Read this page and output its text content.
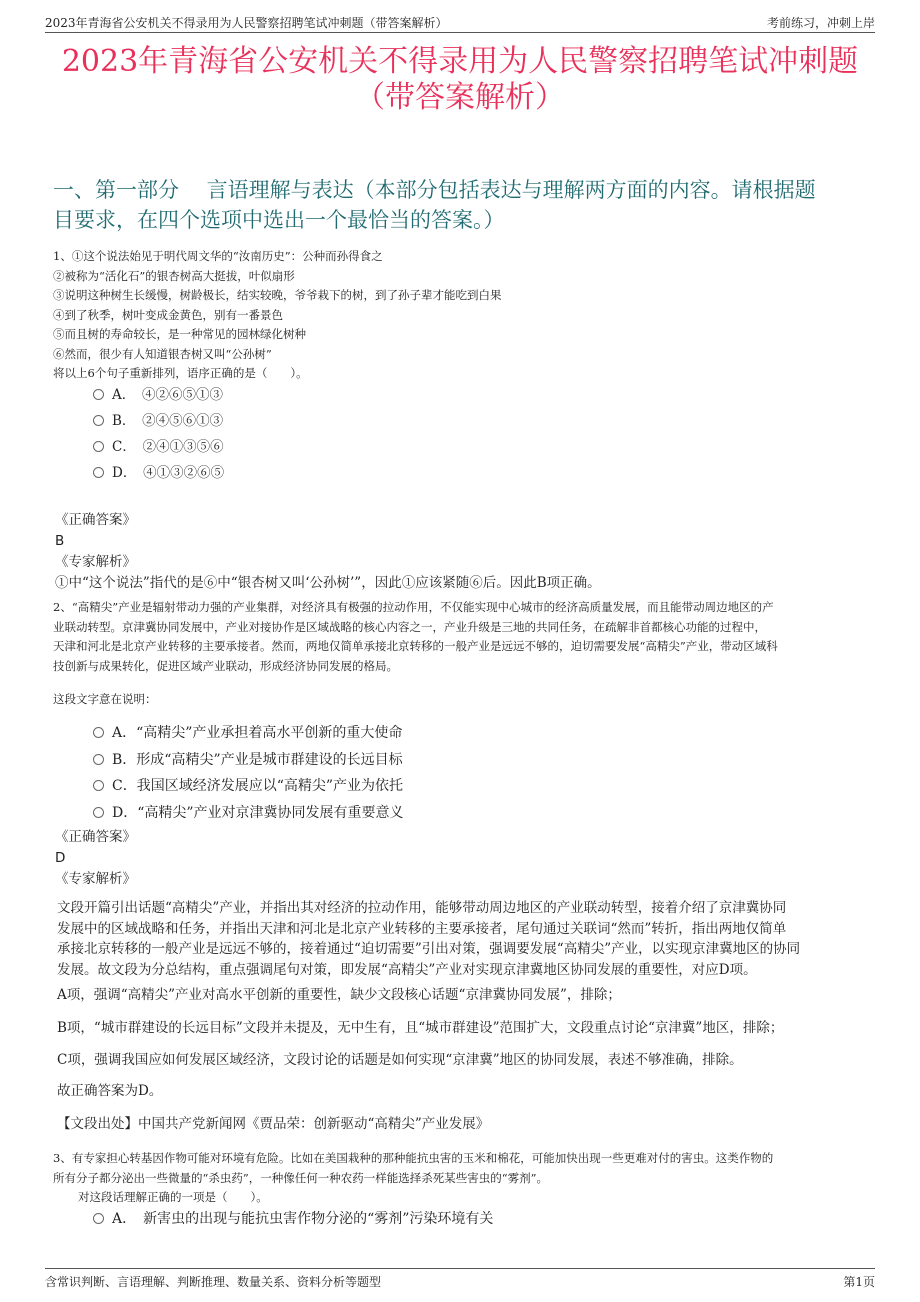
2023年青海省公安机关不得录用为人民警察招聘笔试冲刺题（带答案解析）	考前练习，冲刺上岸
2023年青海省公安机关不得录用为人民警察招聘笔试冲刺题
（带答案解析）
一、第一部分　 言语理解与表达（本部分包括表达与理解两方面的内容。请根据题
目要求，在四个选项中选出一个最恰当的答案。）
1、①这个说法始见于明代周文华的“汝南历史”：公种而孙得食之
②被称为“活化石”的银杏树高大挺拔，叶似扇形
③说明这种树生长缓慢，树龄极长，结实较晚，爷爷栽下的树，到了孙子辈才能吃到白果
④到了秋季，树叶变成金黄色，别有一番景色
⑤而且树的寿命较长，是一种常见的园林绿化树种
⑥然而，很少有人知道银杏树又叫“公孙树”
将以上6个句子重新排列，语序正确的是（　　）。
A．　④②⑥⑤①③
B．　②④⑤⑥①③
C．　②④①③⑤⑥
D．　④①③②⑥⑤
《正确答案》
B
《专家解析》
①中“这个说法”指代的是⑥中“银杏树又叫‘公孙树’”，因此①应该紧随⑥后。因此B项正确。
2、“高精尖”产业是辐射带动力强的产业集群，对经济具有极强的拉动作用，不仅能实现中心城市的经济高质量发展，而且能带动周边地区的产
业联动转型。京津冀协同发展中，产业对接协作是区域战略的核心内容之一，产业升级是三地的共同任务，在疏解非首都核心功能的过程中，
天津和河北是北京产业转移的主要承接者。然而，两地仅简单承接北京转移的一般产业是远远不够的，迫切需要发展“高精尖”产业，带动区域科
技创新与成果转化，促进区域产业联动，形成经济协同发展的格局。
这段文字意在说明：
A．“高精尖”产业承担着高水平创新的重大使命
B．形成“高精尖”产业是城市群建设的长远目标
C．我国区域经济发展应以“高精尖”产业为依托
D．“高精尖”产业对京津冀协同发展有重要意义
《正确答案》
D
《专家解析》
文段开篇引出话题“高精尖”产业，并指出其对经济的拉动作用，能够带动周边地区的产业联动转型，接着介绍了京津冀协同
发展中的区域战略和任务，并指出天津和河北是北京产业转移的主要承接者，尾句通过关联词“然而”转折，指出两地仅简单
承接北京转移的一般产业是远远不够的，接着通过“迫切需要”引出对策，强调要发展“高精尖”产业，以实现京津冀地区的协同
发展。故文段为分总结构，重点强调尾句对策，即发展“高精尖”产业对实现京津冀地区协同发展的重要性，对应D项。
A项，强调“高精尖”产业对高水平创新的重要性，缺少文段核心话题“京津冀协同发展”，排除；
B项，“城市群建设的长远目标”文段并未提及，无中生有，且“城市群建设”范围扩大，文段重点讨论“京津冀”地区，排除；
C项，强调我国应如何发展区域经济，文段讨论的话题是如何实现“京津冀”地区的协同发展，表述不够准确，排除。
故正确答案为D。
【文段出处】中国共产党新闻网《贾品荣：创新驱动“高精尖”产业发展》
3、有专家担心转基因作物可能对环境有危险。比如在美国栽种的那种能抗虫害的玉米和棉花，可能加快出现一些更难对付的害虫。这类作物的
所有分子都分泌出一些微量的“杀虫药”，一种像任何一种农药一样能选择杀死某些害虫的“雾剂”。
对这段话理解正确的一项是（　　）。
A．　新害虫的出现与能抗虫害作物分泌的“雾剂”污染环境有关
含常识判断、言语理解、判断推理、数量关系、资料分析等题型	第1页
